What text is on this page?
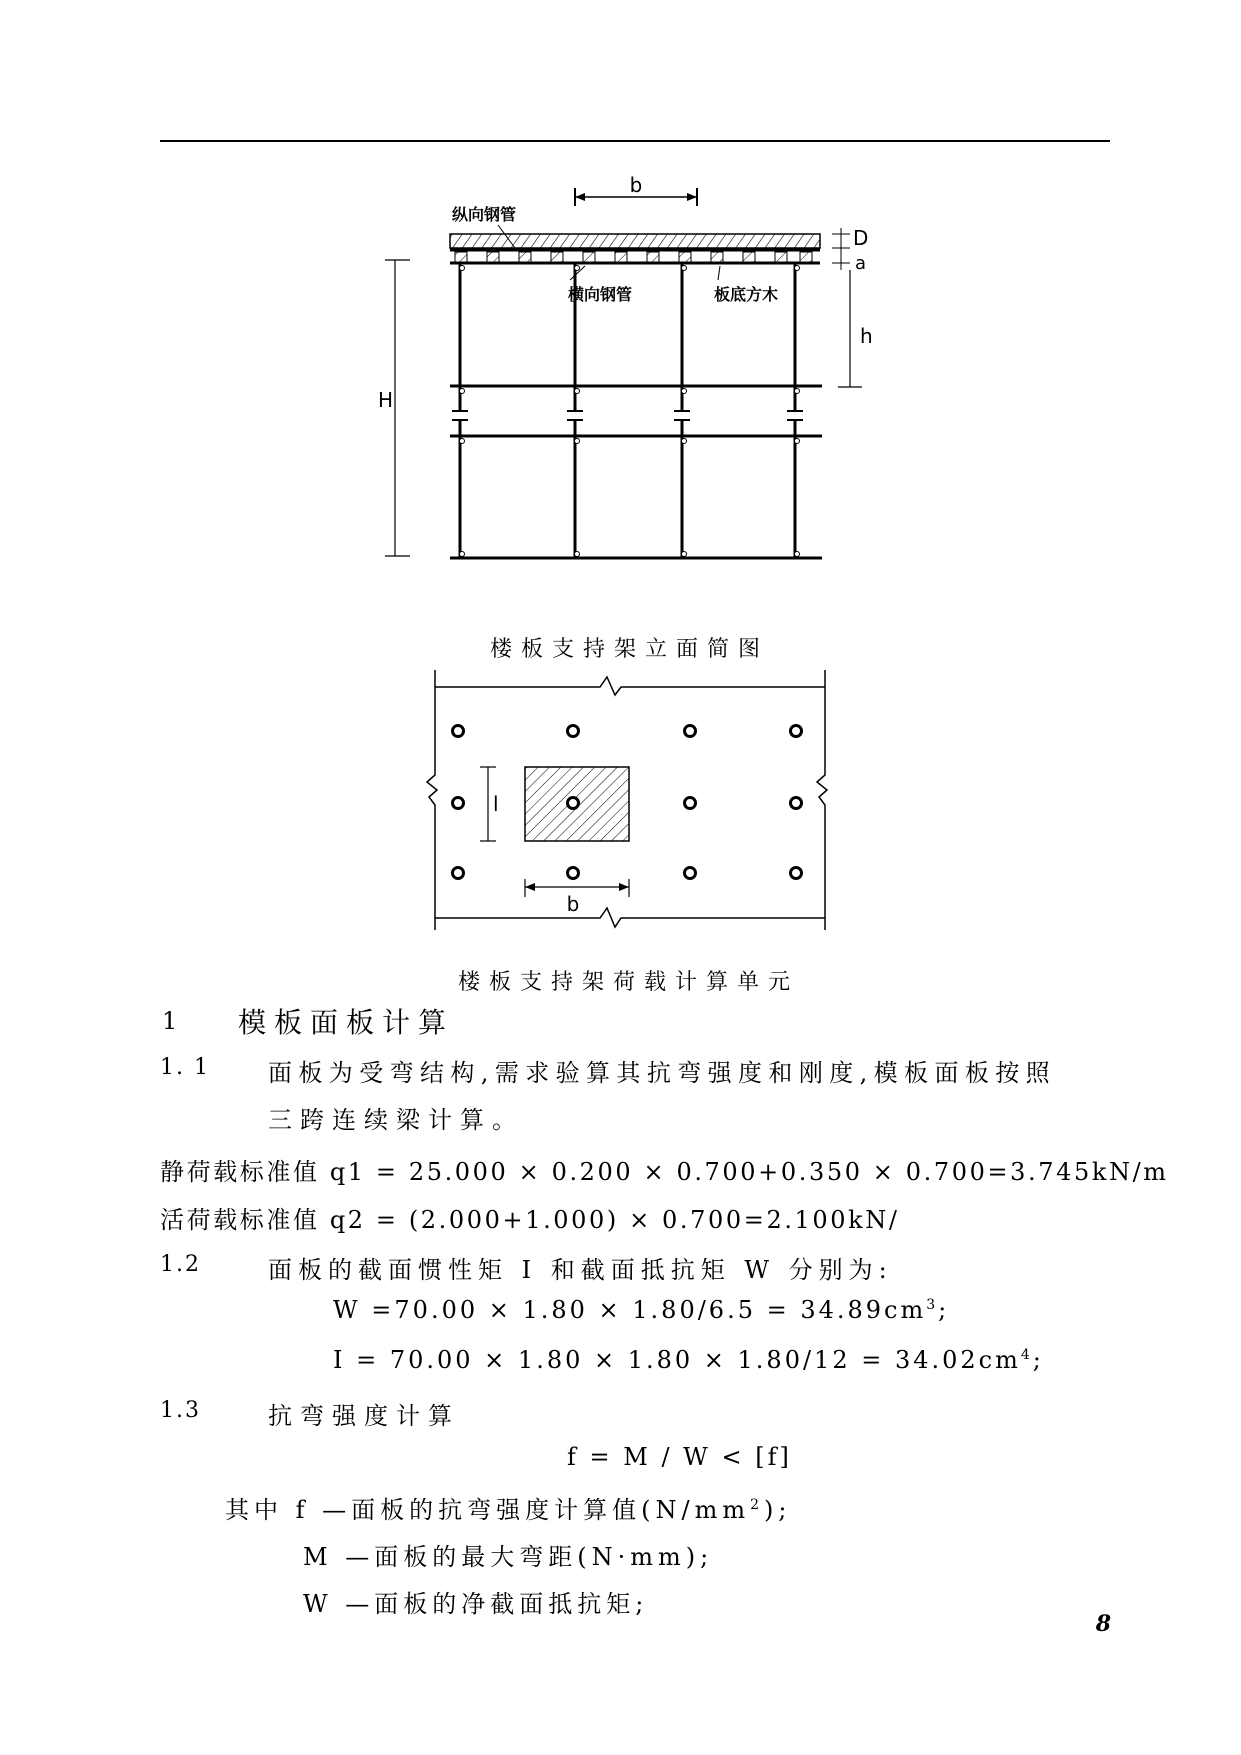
b
纵向钢管
D
a
横向钢管	板底方木
h
H
楼板支持架立面简图
l
b
楼板支持架荷载计算单元
1 模板面板计算
1. 1 面板为受弯结构,需求验算其抗弯强度和刚度,模板面板按照
三跨连续梁计算。
静荷载标准值 q1 = 25.000 × 0.200 × 0.700+0.350 × 0.700=3.745kN/m
活荷载标准值 q2 = (2.000+1.000) × 0.700=2.100kN/
1.2	面板的截面惯性矩 I 和截面抵抗矩 W 分别为:
$W =70.00 \times 1.80 \times 1.80/6.5 = 34.89cm^3$;
$I = 70.00 \times 1.80 \times 1.80 \times 1.80/12 = 34.02cm^4$;
1.3	抗弯强度计算
f = M / W < [f]
其中 f —面板的抗弯强度计算值$(N/mm^2)$;
M —面板的最大弯距(N·mm);
W —面板的净截面抵抗矩;
8
